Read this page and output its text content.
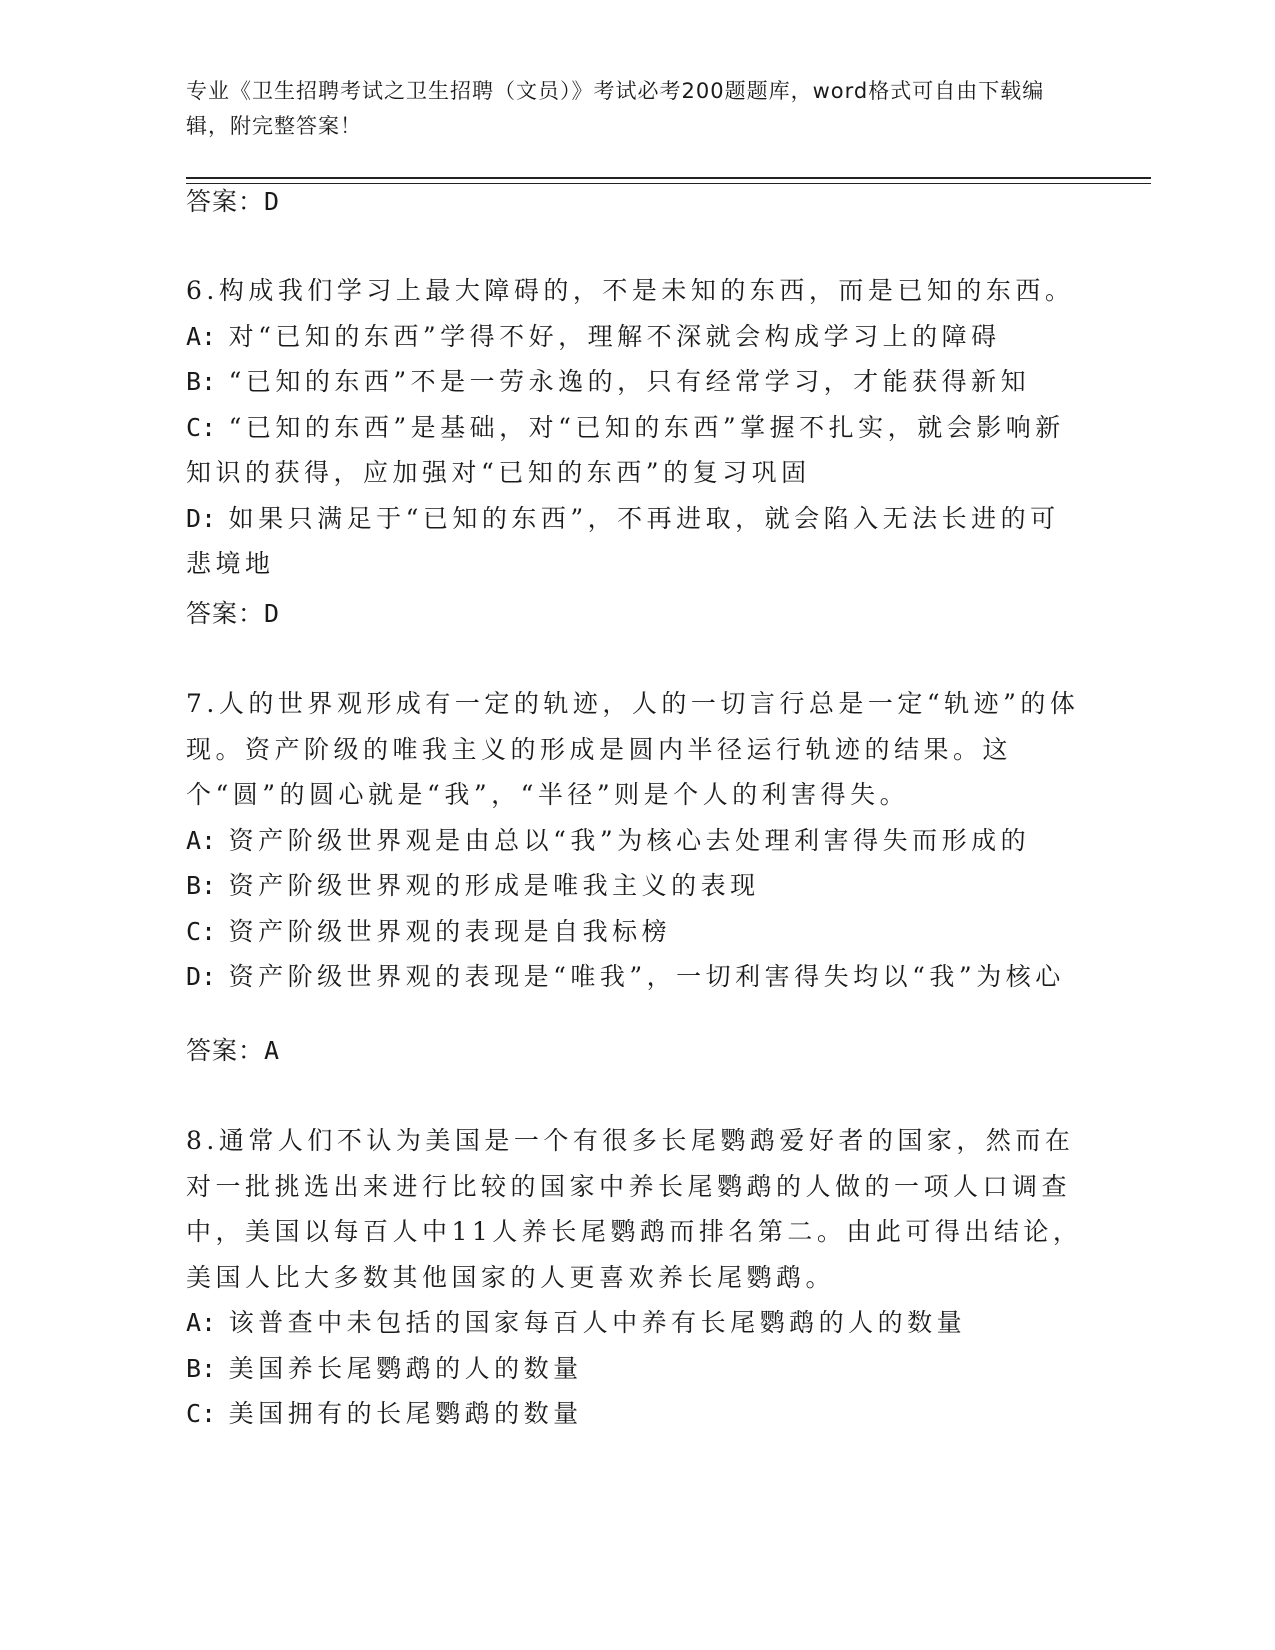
专业《卫生招聘考试之卫生招聘（文员）》考试必考200题题库，word格式可自由下载编辑，附完整答案！
答案：D

6.构成我们学习上最大障碍的，不是未知的东西，而是已知的东西。

A: 对“已知的东西”学得不好，理解不深就会构成学习上的障碍

B: “已知的东西”不是一劳永逸的，只有经常学习，才能获得新知

C: “已知的东西”是基础，对“已知的东西”掌握不扎实，就会影响新知识的获得，应加强对“已知的东西”的复习巩固

D: 如果只满足于“已知的东西”，不再进取，就会陷入无法长进的可悲境地

答案：D

7.人的世界观形成有一定的轨迹，人的一切言行总是一定“轨迹”的体现。资产阶级的唯我主义的形成是圆内半径运行轨迹的结果。这个“圆”的圆心就是“我”，“半径”则是个人的利害得失。

A: 资产阶级世界观是由总以“我”为核心去处理利害得失而形成的

B: 资产阶级世界观的形成是唯我主义的表现

C: 资产阶级世界观的表现是自我标榜

D: 资产阶级世界观的表现是“唯我”，一切利害得失均以“我”为核心

答案：A

8.通常人们不认为美国是一个有很多长尾鹦鹉爱好者的国家，然而在对一批挑选出来进行比较的国家中养长尾鹦鹉的人做的一项人口调查中，美国以每百人中11人养长尾鹦鹉而排名第二。由此可得出结论，美国人比大多数其他国家的人更喜欢养长尾鹦鹉。

A: 该普查中未包括的国家每百人中养有长尾鹦鹉的人的数量

B: 美国养长尾鹦鹉的人的数量

C: 美国拥有的长尾鹦鹉的数量
